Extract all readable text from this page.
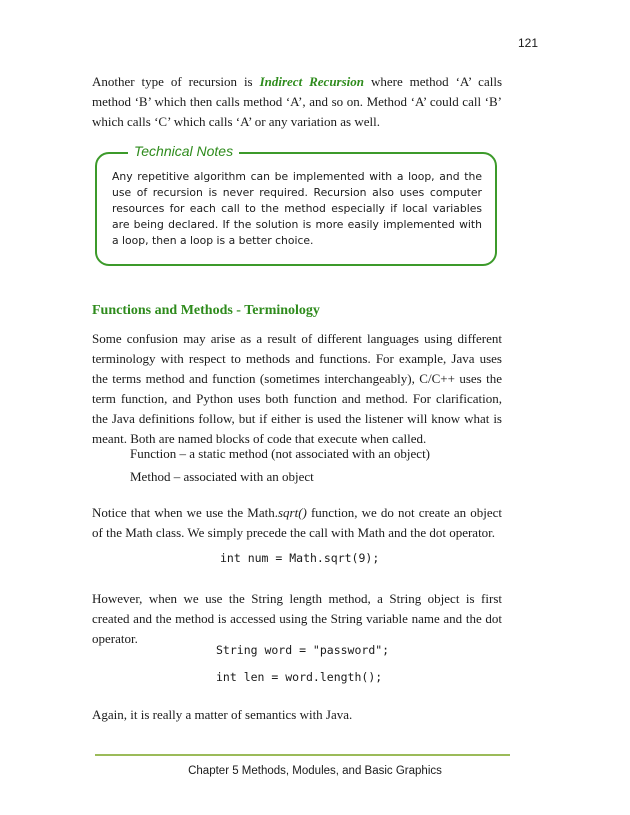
121

Another type of recursion is Indirect Recursion where method ‘A’ calls method ‘B’ which then calls method ‘A’, and so on. Method ‘A’ could call ‘B’ which calls ‘C’ which calls ‘A’ or any variation as well.

Technical Notes

Any repetitive algorithm can be implemented with a loop, and the use of recursion is never required. Recursion also uses computer resources for each call to the method especially if local variables are being declared. If the solution is more easily implemented with a loop, then a loop is a better choice.

Functions and Methods - Terminology

Some confusion may arise as a result of different languages using different terminology with respect to methods and functions. For example, Java uses the terms method and function (sometimes interchangeably), C/C++ uses the term function, and Python uses both function and method. For clarification, the Java definitions follow, but if either is used the listener will know what is meant. Both are named blocks of code that execute when called.

Function – a static method (not associated with an object)

Method – associated with an object

Notice that when we use the Math.sqrt() function, we do not create an object of the Math class. We simply precede the call with Math and the dot operator.

int num = Math.sqrt(9);

However, when we use the String length method, a String object is first created and the method is accessed using the String variable name and the dot operator.

String word = "password";
int len = word.length();

Again, it is really a matter of semantics with Java.

Chapter 5 Methods, Modules, and Basic Graphics
